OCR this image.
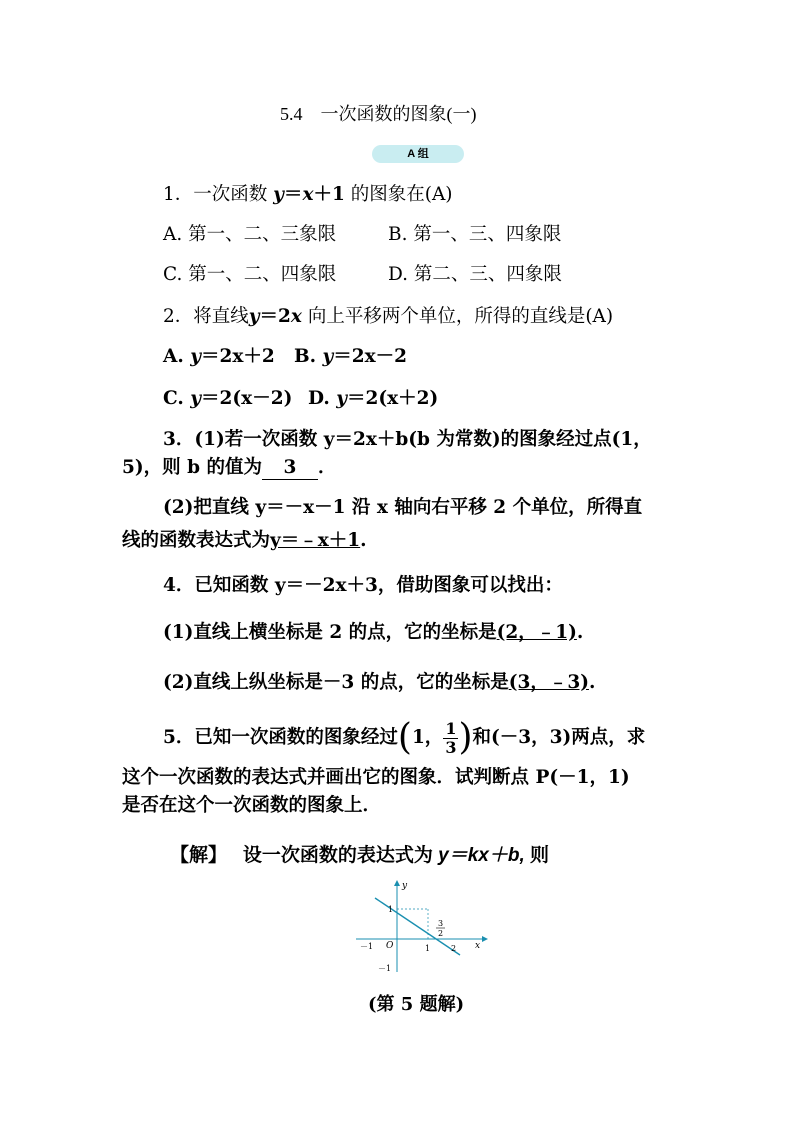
5.4　一次函数的图象(一)
A 组
1．一次函数 y＝x＋1 的图象在(A)
A. 第一、二、三象限	B. 第一、三、四象限
C. 第一、二、四象限	D. 第二、三、四象限
2．将直线y＝2x 向上平移两个单位，所得的直线是(A)
A. y＝2x＋2 B. y＝2x－2
C. y＝2(x－2) D. y＝2(x＋2)
3．(1)若一次函数 y＝2x＋b(b 为常数)的图象经过点(1，
5)，则 b 的值为 3 ．
(2)把直线 y＝－x－1 沿 x 轴向右平移 2 个单位，所得直
线的函数表达式为y＝﹣x＋1.
4．已知函数 y＝－2x＋3，借助图象可以找出：
(1)直线上横坐标是 2 的点，它的坐标是(2，﹣1).
(2)直线上纵坐标是－3 的点，它的坐标是(3，﹣3).
5．已知一次函数的图象经过(1， $\frac{1}{3}$ )和(－3，3)两点，求
这个一次函数的表达式并画出它的图象．试判断点 P(－1，1)
是否在这个一次函数的图象上．
【解】 设一次函数的表达式为 y＝kx＋b, 则
y
x
O
－1	1	2
1
－1
3
2
(第 5 题解)
